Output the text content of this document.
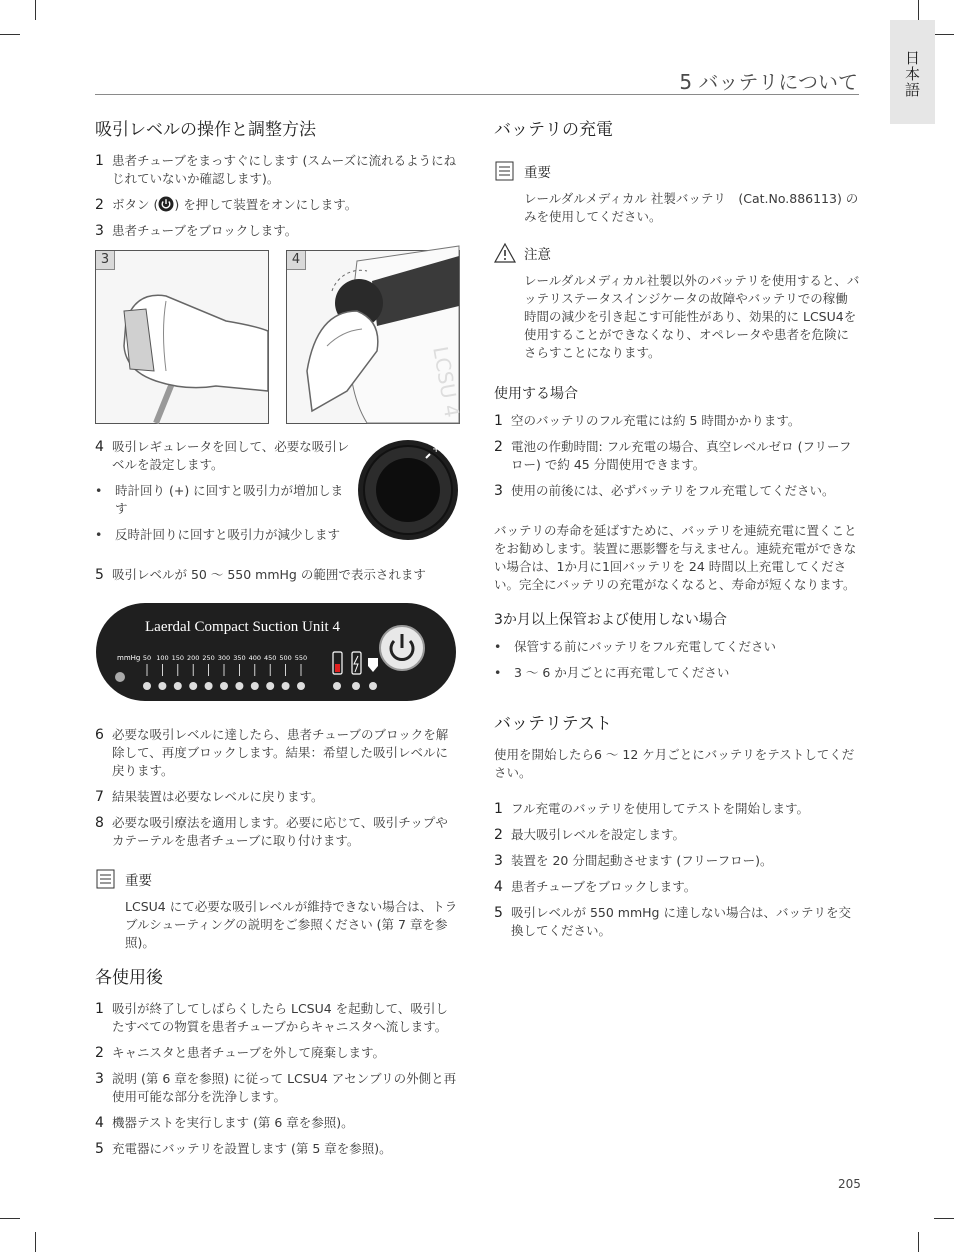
日本語
5 バッテリについて
吸引レベルの操作と調整方法
1 患者チューブをまっすぐにします (スムーズに流れるようにねじれていないか確認します)。
2 ボタン ( ) を押して装置をオンにします。
3 患者チューブをブロックします。
3
LCSU 4
4
4 吸引レギュレータを回して、必要な吸引レベルを設定します。
•	時計回り (+) に回すと吸引力が増加します
•	反時計回りに回すと吸引力が減少します
+
5 吸引レベルが 50 ～ 550 mmHg の範囲で表示されます
Laerdal Compact Suction Unit 4
mmHg 50 100 150 200 250 300 350 400 450 500 550
6 必要な吸引レベルに達したら、患者チューブのブロックを解除して、再度ブロックします。結果：希望した吸引レベルに戻ります。
7 結果装置は必要なレベルに戻ります。
8 必要な吸引療法を適用します。必要に応じて、吸引チップやカテーテルを患者チューブに取り付けます。
重要
LCSU4 にて必要な吸引レベルが維持できない場合は、トラブルシューティングの説明をご参照ください (第 7 章を参照)。
各使用後
1 吸引が終了してしばらくしたら LCSU4 を起動して、吸引したすべての物質を患者チューブからキャニスタへ流します。
2 キャニスタと患者チューブを外して廃棄します。
3 説明 (第 6 章を参照) に従って LCSU4 アセンブリの外側と再使用可能な部分を洗浄します。
4 機器テストを実行します (第 6 章を参照)。
5 充電器にバッテリを設置します (第 5 章を参照)。
バッテリの充電
重要
レールダルメディカル 社製バッテリ　(Cat.No.886113) のみを使用してください。
注意
レールダルメディカル社製以外のバッテリを使用すると、バッテリステータスインジケータの故障やバッテリでの稼働時間の減少を引き起こす可能性があり、効果的に LCSU4を使用することができなくなり、オペレータや患者を危険にさらすことになります。
使用する場合
1 空のバッテリのフル充電には約 5 時間かかります。
2 電池の作動時間: フル充電の場合、真空レベルゼロ (フリーフロー) で約 45 分間使用できます。
3 使用の前後には、必ずバッテリをフル充電してください。

バッテリの寿命を延ばすために、バッテリを連続充電に置くことをお勧めします。装置に悪影響を与えません。連続充電ができない場合は、1か月に1回バッテリを 24 時間以上充電してください。完全にバッテリの充電がなくなると、寿命が短くなります。

3か月以上保管および使用しない場合
•	保管する前にバッテリをフル充電してください
•	3 ～ 6 か月ごとに再充電してください
バッテリテスト

使用を開始したら6 ～ 12 ケ月ごとにバッテリをテストしてください。

1 フル充電のバッテリを使用してテストを開始します。
2 最大吸引レベルを設定します。
3 装置を 20 分間起動させます (フリーフロー)。
4 患者チューブをブロックします。
5 吸引レベルが 550 mmHg に達しない場合は、バッテリを交換してください。
205
